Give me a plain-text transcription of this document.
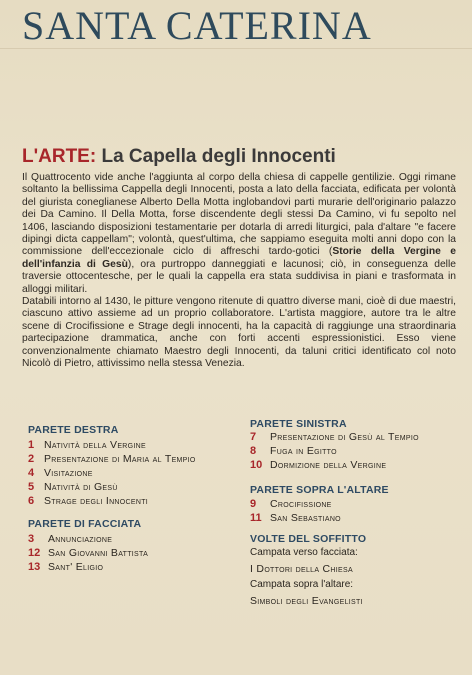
SANTA CATERINA
L'ARTE: La Capella degli Innocenti
Il Quattrocento vide anche l'aggiunta al corpo della chiesa di cappelle gentilizie. Oggi rimane soltanto la bellissima Cappella degli Innocenti, posta a lato della facciata, edificata per volontà del giurista coneglianese Alberto Della Motta inglobandovi parti murarie dell'originario palazzo dei Da Camino. Il Della Motta, forse discendente degli stessi Da Camino, vi fu sepolto nel 1406, lasciando disposizioni testamentarie per dotarla di arredi liturgici, pala d'altare "e facere dipingi dicta cappellam"; volontà, quest'ultima, che sappiamo eseguita molti anni dopo con la commissione dell'eccezionale ciclo di affreschi tardo-gotici (Storie della Vergine e dell'infanzia di Gesù), ora purtroppo danneggiati e lacunosi; ciò, in conseguenza delle traversie ottocentesche, per le quali la cappella era stata suddivisa in piani e trasformata in alloggi militari.
Databili intorno al 1430, le pitture vengono ritenute di quattro diverse mani, cioè di due maestri, ciascuno attivo assieme ad un proprio collaboratore. L'artista maggiore, autore tra le altre scene di Crocifissione e Strage degli innocenti, ha la capacità di raggiunge una straordinaria partecipazione drammatica, anche con forti accenti espressionistici. Esso viene convenzionalmente chiamato Maestro degli Innocenti, da taluni critici identificato col noto Nicolò di Pietro, attivissimo nella stessa Venezia.
PARETE DESTRA
1 Natività della Vergine
2 Presentazione di Maria al Tempio
4 Visitazione
5 Natività di Gesù
6 Strage degli Innocenti
PARETE DI FACCIATA
3 Annunciazione
12 San Giovanni Battista
13 Sant' Eligio
PARETE SINISTRA
7 Presentazione di Gesù al Tempio
8 Fuga in Egitto
10 Dormizione della Vergine
PARETE SOPRA L'ALTARE
9 Crocifissione
11 San Sebastiano
VOLTE DEL SOFFITTO
Campata verso facciata:
I Dottori della Chiesa
Campata sopra l'altare:
Simboli degli Evangelisti
